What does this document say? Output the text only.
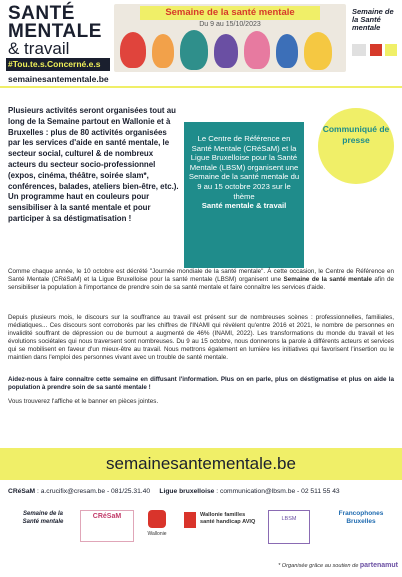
SANTÉ
MENTALE
& travail
#Tou.te.s.Concerné.e.s
semainesantementale.be
Semaine de la santé mentale
Du 9 au 15/10/2023
Semaine de la Santé mentale
Plusieurs activités seront organisées tout au long de la Semaine partout en Wallonie et à Bruxelles : plus de 80 activités organisées par les services d'aide en santé mentale, le secteur social, culturel & de nombreux acteurs du secteur socio-professionnel (expos, cinéma, théâtre, soirée slam*, conférences, balades, ateliers bien-être, etc.). Un programme haut en couleurs pour sensibiliser à la santé mentale et pour participer à sa déstigmatisation !
Le Centre de Référence en Santé Mentale (CRéSaM) et la Ligue Bruxelloise pour la Santé Mentale (LBSM) organisent une Semaine de la santé mentale du 9 au 15 octobre 2023 sur le thème
Santé mentale & travail
Communiqué de presse
Comme chaque année, le 10 octobre est décrété "Journée mondiale de la santé mentale". À cette occasion, le Centre de Référence en Santé Mentale (CRéSaM) et la Ligue Bruxelloise pour la santé mentale (LBSM) organisent une Semaine de la santé mentale afin de sensibiliser la population à l'importance de prendre soin de sa santé mentale et faire connaître les services d'aide.
Depuis plusieurs mois, le discours sur la souffrance au travail est présent sur de nombreuses scènes : professionnelles, familiales, médiatiques... Ces discours sont corroborés par les chiffres de l'INAMI qui révèlent qu'entre 2016 et 2021, le nombre de personnes en invalidité souffrant de dépression ou de burnout a augmenté de 46% (INAMI, 2022). Les transformations du monde du travail et les évolutions sociétales qui nous traversent sont nombreuses. Du 9 au 15 octobre, nous donnerons la parole à différents acteurs et services qui se mobilisent en faveur d'un mieux-être au travail. Nous mettrons également en lumière les initiatives qui favorisent l'insertion ou le maintien dans l'emploi des personnes vivant avec un trouble de santé mentale.
Aidez-nous à faire connaître cette semaine en diffusant l'information. Plus on en parle, plus on déstigmatise et plus on aide la population à prendre soin de sa santé mentale !
Vous trouverez l'affiche et le banner en pièces jointes.
semainesantementale.be
CRéSaM : a.crucifix@cresam.be - 081/25.31.40 Ligue bruxelloise : communication@lbsm.be - 02 511 55 43
Semaine de la Santé mentale
CRéSaM
Wallonie
Wallonie familles santé handicap AVIQ	LBSM
Francophones Bruxelles
* Organisée grâce au soutien de partenamut
